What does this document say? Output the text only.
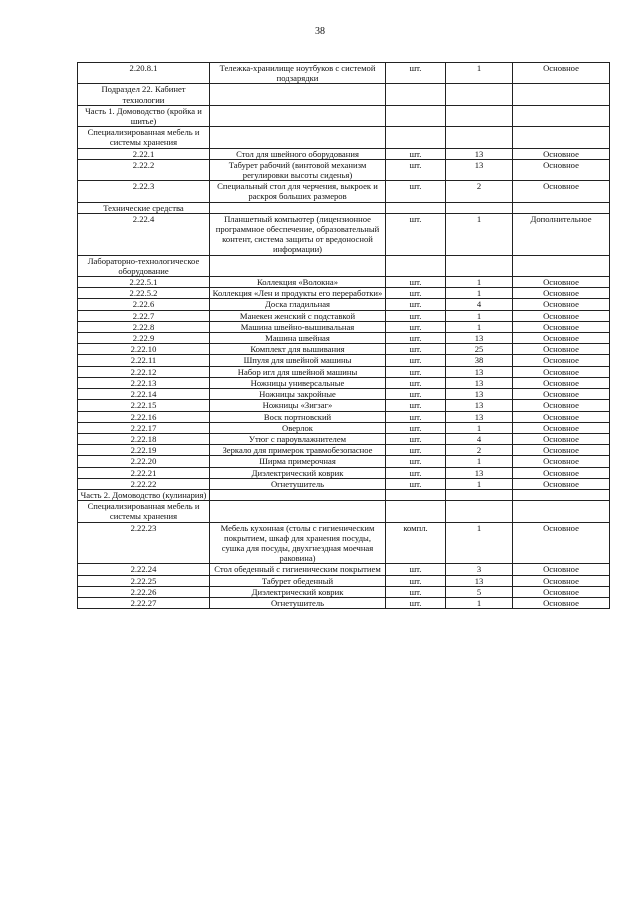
38
2.20.8.1	Тележка-хранилище ноутбуков с системой подзарядки	шт.	1	Основное
Подраздел 22. Кабинет технологии				
Часть 1. Домоводство (кройка и шитье)				
Специализированная мебель и системы хранения				
2.22.1	Стол для швейного оборудования	шт.	13	Основное
2.22.2	Табурет рабочий (винтовой механизм регулировки высоты сиденья)	шт.	13	Основное
2.22.3	Специальный стол для черчения, выкроек и раскроя больших размеров	шт.	2	Основное
Технические средства				
2.22.4	Планшетный компьютер (лицензионное программное обеспечение, образовательный контент, система защиты от вредоносной информации)	шт.	1	Дополнительное
Лабораторно-технологическое оборудование				
2.22.5.1	Коллекция «Волокна»	шт.	1	Основное
2.22.5.2	Коллекция «Лен и продукты его переработки»	шт.	1	Основное
2.22.6	Доска гладильная	шт.	4	Основное
2.22.7	Манекен женский с подставкой	шт.	1	Основное
2.22.8	Машина швейно-вышивальная	шт.	1	Основное
2.22.9	Машина швейная	шт.	13	Основное
2.22.10	Комплект для вышивания	шт.	25	Основное
2.22.11	Шпуля для швейной машины	шт.	38	Основное
2.22.12	Набор игл для швейной машины	шт.	13	Основное
2.22.13	Ножницы универсальные	шт.	13	Основное
2.22.14	Ножницы закройные	шт.	13	Основное
2.22.15	Ножницы «Зигзаг»	шт.	13	Основное
2.22.16	Воск портновский	шт.	13	Основное
2.22.17	Оверлок	шт.	1	Основное
2.22.18	Утюг с пароувлажнителем	шт.	4	Основное
2.22.19	Зеркало для примерок травмобезопасное	шт.	2	Основное
2.22.20	Ширма примерочная	шт.	1	Основное
2.22.21	Диэлектрический коврик	шт.	13	Основное
2.22.22	Огнетушитель	шт.	1	Основное
Часть 2. Домоводство (кулинария)				
Специализированная мебель и системы хранения				
2.22.23	Мебель кухонная (столы с гигиеническим покрытием, шкаф для хранения посуды, сушка для посуды, двухгнездная моечная раковина)	компл.	1	Основное
2.22.24	Стол обеденный с гигиеническим покрытием	шт.	3	Основное
2.22.25	Табурет обеденный	шт.	13	Основное
2.22.26	Диэлектрический коврик	шт.	5	Основное
2.22.27	Огнетушитель	шт.	1	Основное
